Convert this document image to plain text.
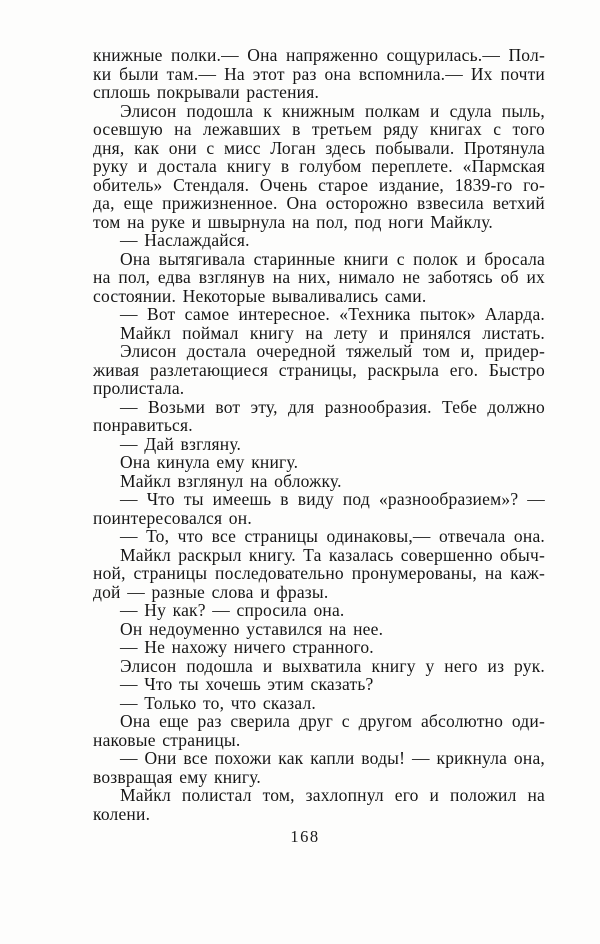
книжные полки.— Она напряженно сощурилась.— Пол-
ки были там.— На этот раз она вспомнила.— Их почти
сплошь покрывали растения.
Элисон подошла к книжным полкам и сдула пыль,
осевшую на лежавших в третьем ряду книгах с того
дня, как они с мисс Логан здесь побывали. Протянула
руку и достала книгу в голубом переплете. «Пармская
обитель» Стендаля. Очень старое издание, 1839-го го-
да, еще прижизненное. Она осторожно взвесила ветхий
том на руке и швырнула на пол, под ноги Майклу.
— Наслаждайся.
Она вытягивала старинные книги с полок и бросала
на пол, едва взглянув на них, нимало не заботясь об их
состоянии. Некоторые вываливались сами.
— Вот самое интересное. «Техника пыток» Аларда.
Майкл поймал книгу на лету и принялся листать.
Элисон достала очередной тяжелый том и, придер-
живая разлетающиеся страницы, раскрыла его. Быстро
пролистала.
— Возьми вот эту, для разнообразия. Тебе должно
понравиться.
— Дай взгляну.
Она кинула ему книгу.
Майкл взглянул на обложку.
— Что ты имеешь в виду под «разнообразием»? —
поинтересовался он.
— То, что все страницы одинаковы,— отвечала она.
Майкл раскрыл книгу. Та казалась совершенно обыч-
ной, страницы последовательно пронумерованы, на каж-
дой — разные слова и фразы.
— Ну как? — спросила она.
Он недоуменно уставился на нее.
— Не нахожу ничего странного.
Элисон подошла и выхватила книгу у него из рук.
— Что ты хочешь этим сказать?
— Только то, что сказал.
Она еще раз сверила друг с другом абсолютно оди-
наковые страницы.
— Они все похожи как капли воды! — крикнула она,
возвращая ему книгу.
Майкл полистал том, захлопнул его и положил на
колени.
168
